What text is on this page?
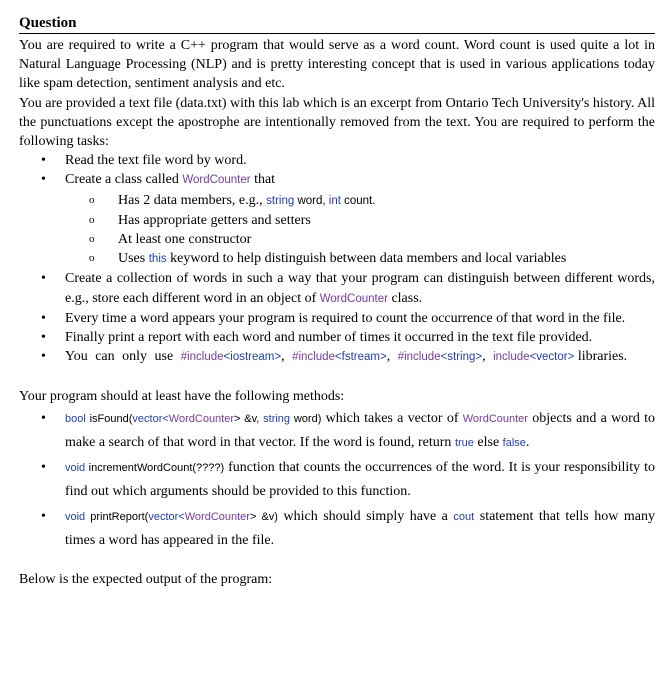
Question

You are required to write a C++ program that would serve as a word count. Word count is used quite a lot in Natural Language Processing (NLP) and is pretty interesting concept that is used in various applications today like spam detection, sentiment analysis and etc.

You are provided a text file (data.txt) with this lab which is an excerpt from Ontario Tech University's history. All the punctuations except the apostrophe are intentionally removed from the text. You are required to perform the following tasks:

• Read the text file word by word.
• Create a class called WordCounter that
o Has 2 data members, e.g., string word, int count.
o Has appropriate getters and setters
o At least one constructor
o Uses this keyword to help distinguish between data members and local variables
• Create a collection of words in such a way that your program can distinguish between different words, e.g., store each different word in an object of WordCounter class.
• Every time a word appears your program is required to count the occurrence of that word in the file.
• Finally print a report with each word and number of times it occurred in the text file provided.
• You can only use #include<iostream>, #include<fstream>, #include<string>, include<vector> libraries.

Your program should at least have the following methods:

• bool isFound(vector<WordCounter> &v, string word) which takes a vector of WordCounter objects and a word to make a search of that word in that vector. If the word is found, return true else false.
• void incrementWordCount(????) function that counts the occurrences of the word. It is your responsibility to find out which arguments should be provided to this function.
• void printReport(vector<WordCounter> &v) which should simply have a cout statement that tells how many times a word has appeared in the file.

Below is the expected output of the program:
